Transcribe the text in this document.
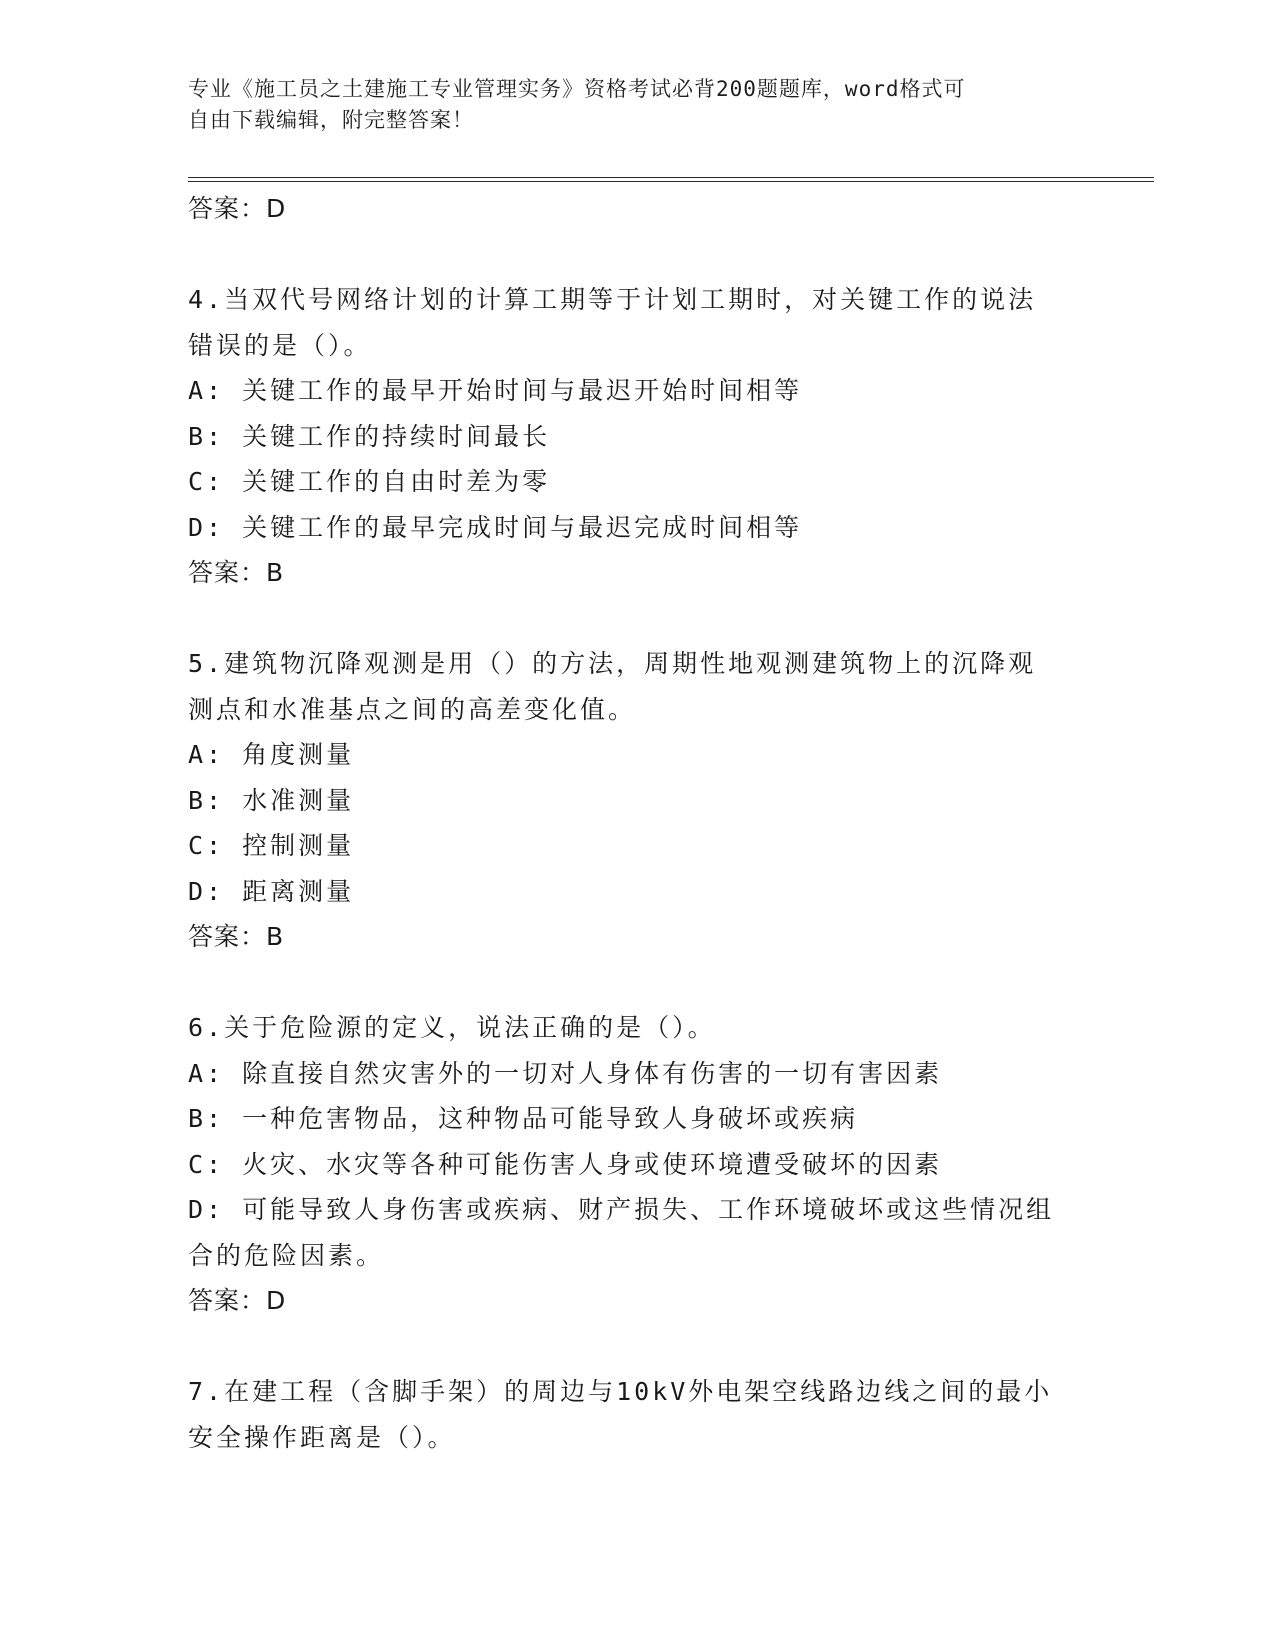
专业《施工员之土建施工专业管理实务》资格考试必背200题题库，word格式可
自由下载编辑，附完整答案！
答案：D
4.当双代号网络计划的计算工期等于计划工期时，对关键工作的说法
错误的是（）。
A: 关键工作的最早开始时间与最迟开始时间相等
B: 关键工作的持续时间最长
C: 关键工作的自由时差为零
D: 关键工作的最早完成时间与最迟完成时间相等
答案：B
5.建筑物沉降观测是用（）的方法，周期性地观测建筑物上的沉降观
测点和水准基点之间的高差变化值。
A: 角度测量
B: 水准测量
C: 控制测量
D: 距离测量
答案：B
6.关于危险源的定义，说法正确的是（）。
A: 除直接自然灾害外的一切对人身体有伤害的一切有害因素
B: 一种危害物品，这种物品可能导致人身破坏或疾病
C: 火灾、水灾等各种可能伤害人身或使环境遭受破坏的因素
D: 可能导致人身伤害或疾病、财产损失、工作环境破坏或这些情况组
合的危险因素。
答案：D
7.在建工程（含脚手架）的周边与10kV外电架空线路边线之间的最小
安全操作距离是（）。
